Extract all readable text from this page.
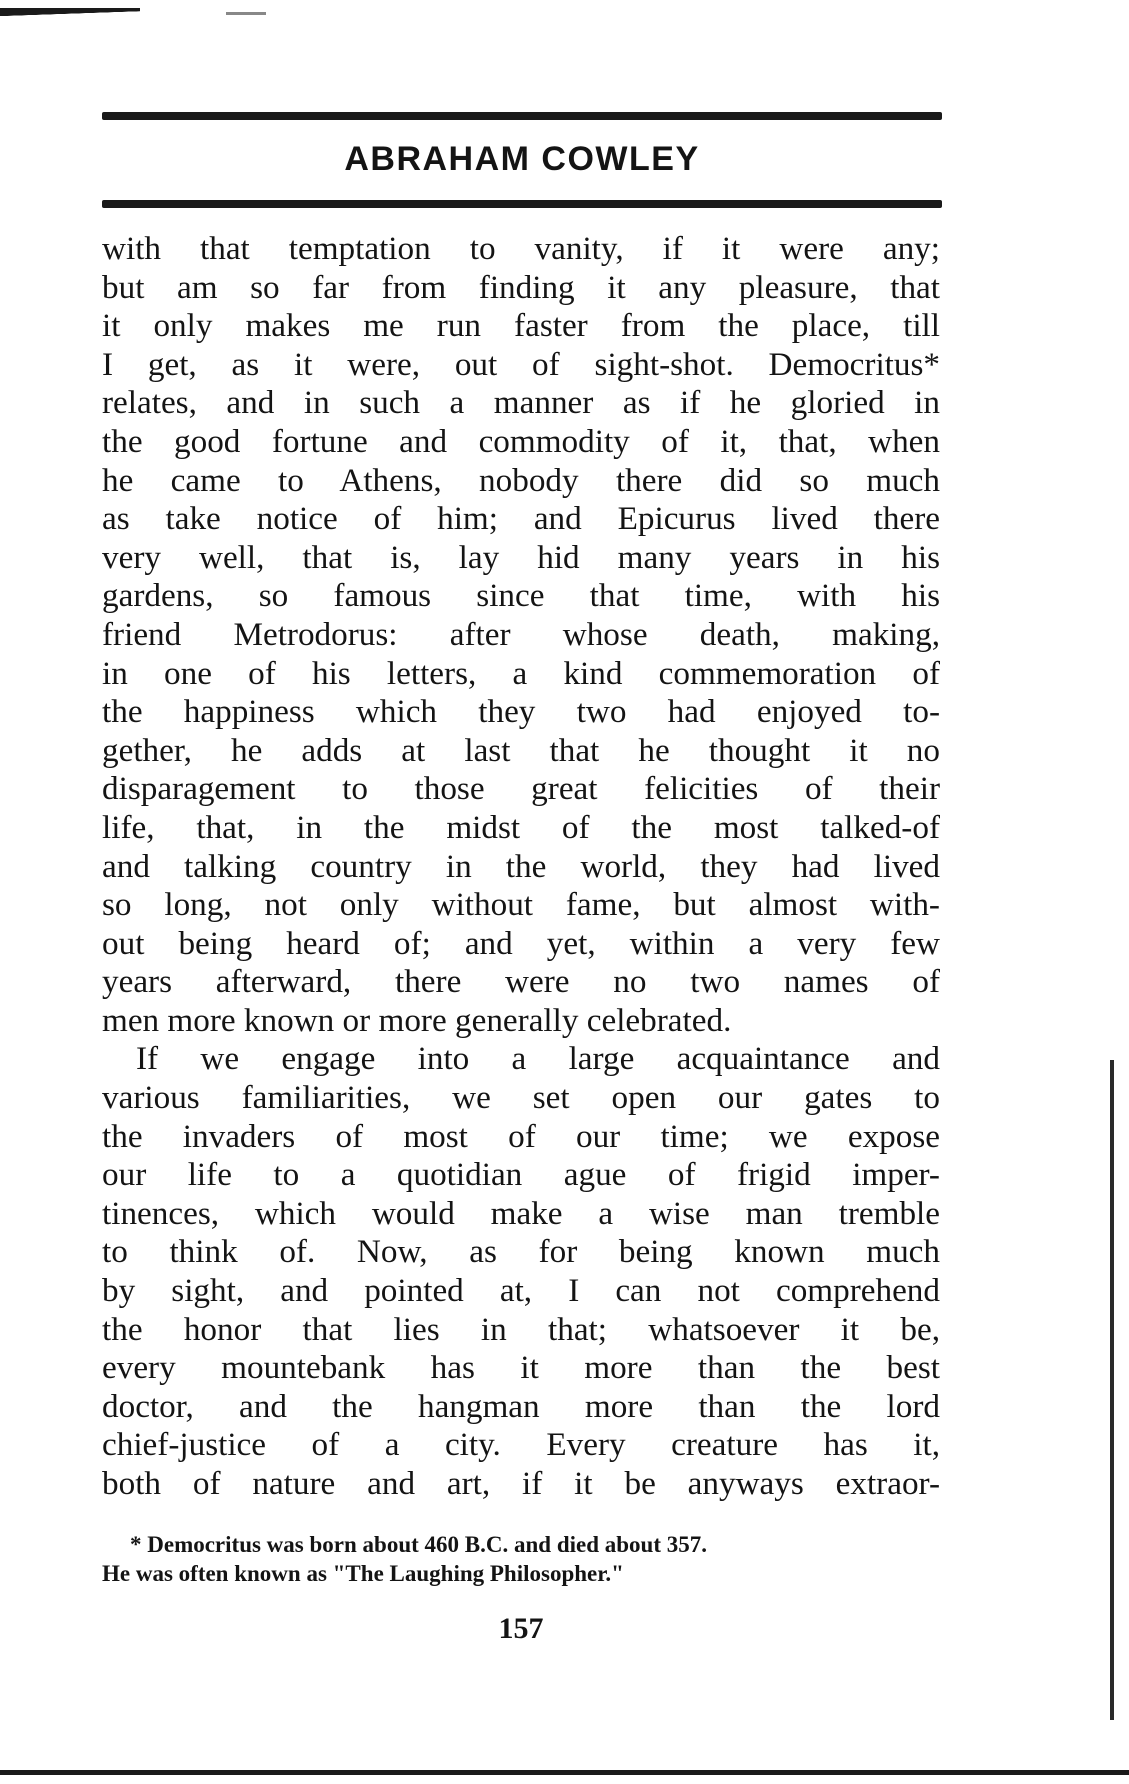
ABRAHAM COWLEY
with that temptation to vanity, if it were any;
but am so far from finding it any pleasure, that
it only makes me run faster from the place, till
I get, as it were, out of sight-shot. Democritus*
relates, and in such a manner as if he gloried in
the good fortune and commodity of it, that, when
he came to Athens, nobody there did so much
as take notice of him; and Epicurus lived there
very well, that is, lay hid many years in his
gardens, so famous since that time, with his
friend Metrodorus: after whose death, making,
in one of his letters, a kind commemoration of
the happiness which they two had enjoyed to-
gether, he adds at last that he thought it no
disparagement to those great felicities of their
life, that, in the midst of the most talked-of
and talking country in the world, they had lived
so long, not only without fame, but almost with-
out being heard of; and yet, within a very few
years afterward, there were no two names of
men more known or more generally celebrated.
If we engage into a large acquaintance and
various familiarities, we set open our gates to
the invaders of most of our time; we expose
our life to a quotidian ague of frigid imper-
tinences, which would make a wise man tremble
to think of. Now, as for being known much
by sight, and pointed at, I can not comprehend
the honor that lies in that; whatsoever it be,
every mountebank has it more than the best
doctor, and the hangman more than the lord
chief-justice of a city. Every creature has it,
both of nature and art, if it be anyways extraor-
* Democritus was born about 460 B.C. and died about 357.
He was often known as "The Laughing Philosopher."
157
